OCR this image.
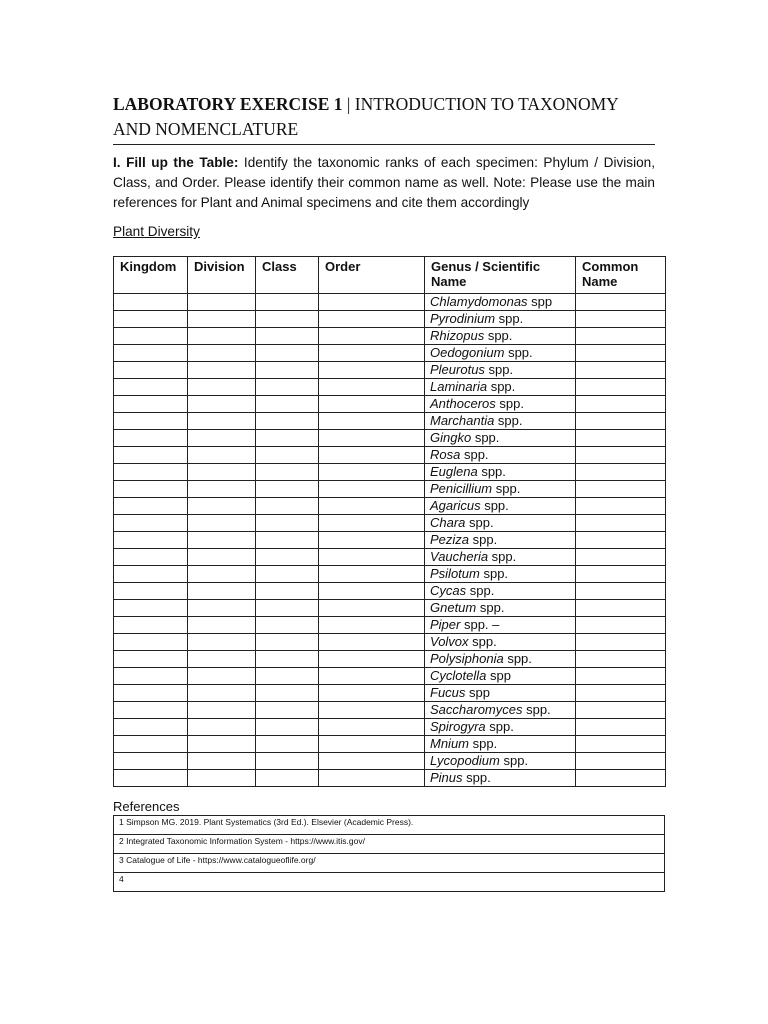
LABORATORY EXERCISE 1 | INTRODUCTION TO TAXONOMY AND NOMENCLATURE
I. Fill up the Table: Identify the taxonomic ranks of each specimen: Phylum / Division, Class, and Order. Please identify their common name as well. Note: Please use the main references for Plant and Animal specimens and cite them accordingly
Plant Diversity
Kingdom	Division	Class	Order	Genus / Scientific Name	Common Name
				Chlamydomonas spp	
				Pyrodinium spp.	
				Rhizopus spp.	
				Oedogonium spp.	
				Pleurotus spp.	
				Laminaria spp.	
				Anthoceros spp.	
				Marchantia spp.	
				Gingko spp.	
				Rosa spp.	
				Euglena spp.	
				Penicillium spp.	
				Agaricus spp.	
				Chara spp.	
				Peziza spp.	
				Vaucheria spp.	
				Psilotum spp.	
				Cycas spp.	
				Gnetum spp.	
				Piper spp. –	
				Volvox spp.	
				Polysiphonia spp.	
				Cyclotella spp	
				Fucus spp	
				Saccharomyces spp.	
				Spirogyra spp.	
				Mnium spp.	
				Lycopodium spp.	
				Pinus spp.	
References
1 Simpson MG. 2019. Plant Systematics (3rd Ed.). Elsevier (Academic Press).
2 Integrated Taxonomic Information System - https://www.itis.gov/
3 Catalogue of Life - https://www.catalogueoflife.org/
4
